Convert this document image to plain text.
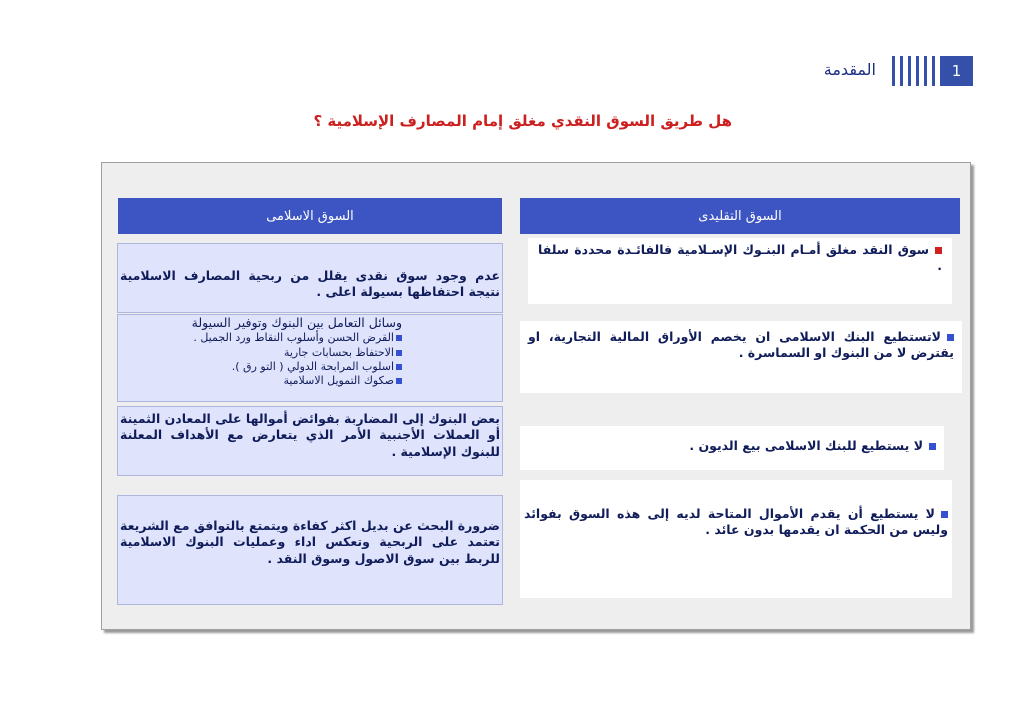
1
المقدمة
هل طريق السوق النقدي مغلق إمام المصارف الإسلامية ؟
السوق التقليدى
السوق الاسلامى
سوق النقد مغلق أمـام البنـوك الإسـلامية فالفائـدة محددة سلفا .
لاتستطيع البنك الاسلامى ان يخصم الأوراق المالية التجارية، او يقترض لا من البنوك او السماسرة .
لا يستطيع للبنك الاسلامى بيع الديون .
لا يستطيع أن يقدم الأموال المتاحة لديه إلى هذه السوق بفوائد وليس من الحكمة ان يقدمها بدون عائد .
عدم وجود سوق نقدى يقلل من ربحية المصارف الاسلامية نتيجة احتفاظها بسيولة اعلى .
وسائل التعامل بين البنوك وتوفير السيولة
القرض الحسن وأسلوب النقاط ورد الجميل .
الاحتفاظ بحسابات جارية
اسلوب المرابحة الدولي ( التو رق ).
صكوك التمويل الاسلامية
بعض البنوك إلى المضاربة بفوائض أموالها على المعادن الثمينة أو العملات الأجنبية الأمر الذي يتعارض مع الأهداف المعلنة للبنوك الإسلامية .
ضرورة البحث عن بديل اكثر كفاءة ويتمتع بالتوافق مع الشريعة تعتمد على الربحية وتعكس اداء وعمليات البنوك الاسلامية للربط بين سوق الاصول وسوق النقد .
